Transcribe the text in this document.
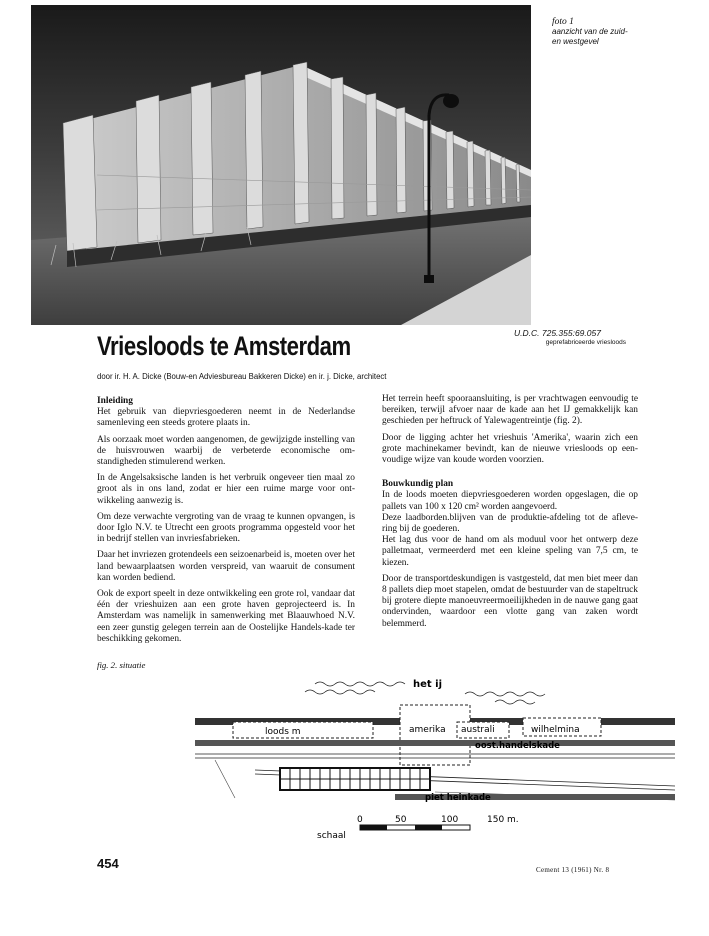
foto 1
aanzicht van de zuid-
en westgevel
U.D.C. 725.355:69.057
geprefabriceerde vriesloods
Vriesloods te Amsterdam
door ir. H. A. Dicke (Bouw-en Adviesbureau Bakkeren Dicke) en ir. j. Dicke, architect
Inleiding

Het gebruik van diepvriesgoederen neemt in de Nederlandse samenleving een steeds grotere plaats in.

Als oorzaak moet worden aangenomen, de gewijzigde instelling van de huisvrouwen waarbij de verbeterde economische om-standigheden stimulerend werken.

In de Angelsaksische landen is het verbruik ongeveer tien maal zo groot als in ons land, zodat er hier een ruime marge voor ont-wikkeling aanwezig is.

Om deze verwachte vergroting van de vraag te kunnen opvangen, is door Iglo N.V. te Utrecht een groots programma opgesteld voor het in bedrijf stellen van invriesfabrieken.

Daar het invriezen grotendeels een seizoenarbeid is, moeten over het land bewaarplaatsen worden verspreid, van waaruit de consument kan worden bediend.

Ook de export speelt in deze ontwikkeling een grote rol, vandaar dat één der vrieshuizen aan een grote haven geprojecteerd is. In Amsterdam was namelijk in samenwerking met Blaauwhoed N.V. een zeer gunstig gelegen terrein aan de Oostelijke Handels-kade ter beschikking gekomen.

Het terrein heeft spooraansluiting, is per vrachtwagen eenvoudig te bereiken, terwijl afvoer naar de kade aan het IJ gemakkelijk kan geschieden per heftruck of Yalewagentreintje (fig. 2).

Door de ligging achter het vrieshuis 'Amerika', waarin zich een grote machinekamer bevindt, kan de nieuwe vriesloods op een-voudige wijze van koude worden voorzien.

Bouwkundig plan

In de loods moeten diepvriesgoederen worden opgeslagen, die op pallets van 100 x 120 cm² worden aangevoerd.

Deze laadborden.blijven van de produktie-afdeling tot de afleve-ring bij de goederen.

Het lag dus voor de hand om als moduul voor het ontwerp deze palletmaat, vermeerderd met een kleine speling van 7,5 cm, te kiezen.

Door de transportdeskundigen is vastgesteld, dat men biet meer dan 8 pallets diep moet stapelen, omdat de bestuurder van de stapeltruck bij grotere diepte manoeuvreermoeilijkheden in de nauwe gang gaat ondervinden, waardoor een vlotte gang van zaken wordt belemmerd.

fig. 2. situatie
het ij
loods m	amerika australi	wilhelmina
oost.handelskade
piet heinkade
schaal
0	50	100	150 m.
454	Cement 13 (1961) Nr. 8
